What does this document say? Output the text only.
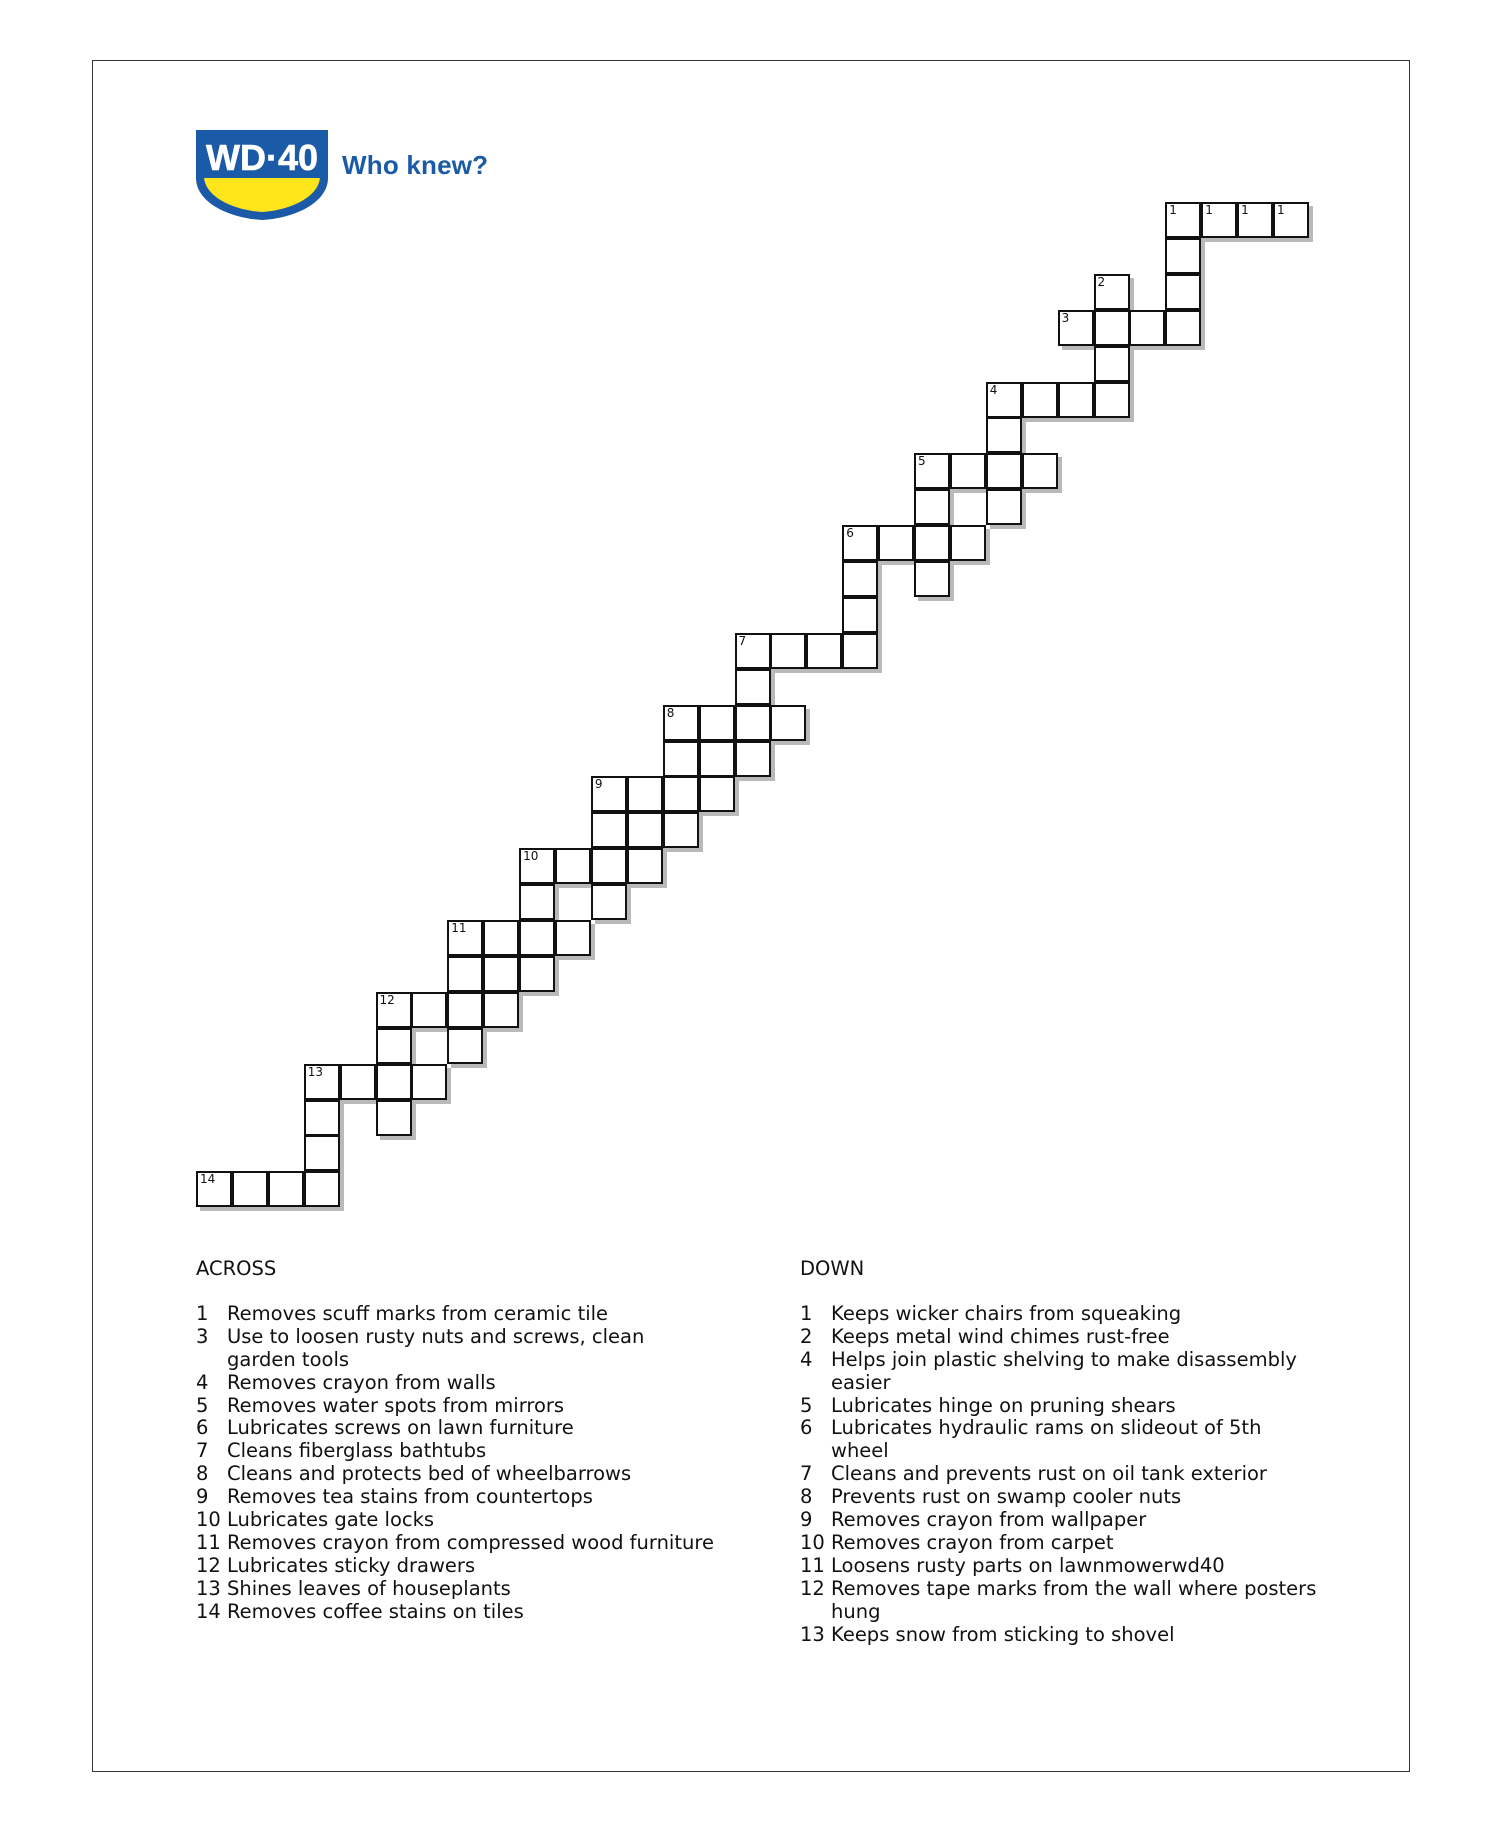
WD·40 Who knew?
1 1 1 1
2
3
4
5
6
7
8
9
10
11
12
13
14
ACROSS
1 Removes scuff marks from ceramic tile
3 Use to loosen rusty nuts and screws, clean garden tools
4 Removes crayon from walls
5 Removes water spots from mirrors
6 Lubricates screws on lawn furniture
7 Cleans fiberglass bathtubs
8 Cleans and protects bed of wheelbarrows
9 Removes tea stains from countertops
10 Lubricates gate locks
11 Removes crayon from compressed wood furniture
12 Lubricates sticky drawers
13 Shines leaves of houseplants
14 Removes coffee stains on tiles
DOWN
1 Keeps wicker chairs from squeaking
2 Keeps metal wind chimes rust-free
4 Helps join plastic shelving to make disassembly easier
5 Lubricates hinge on pruning shears
6 Lubricates hydraulic rams on slideout of 5th wheel
7 Cleans and prevents rust on oil tank exterior
8 Prevents rust on swamp cooler nuts
9 Removes crayon from wallpaper
10 Removes crayon from carpet
11 Loosens rusty parts on lawnmowerwd40
12 Removes tape marks from the wall where posters hung
13 Keeps snow from sticking to shovel
